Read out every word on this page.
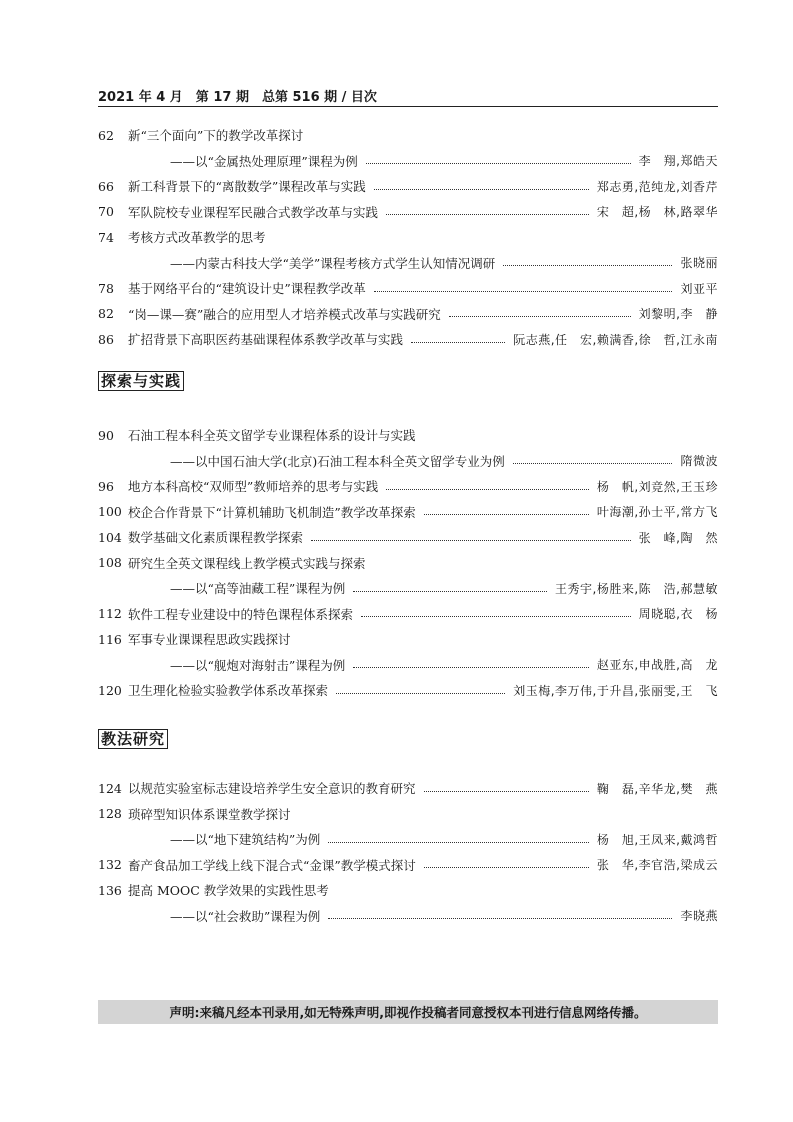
2021 年 4 月　第 17 期　总第 516 期 / 目次
62	新“三个面向”下的教学改革探讨
——以“金属热处理原理”课程为例	李　翔,郑皓天
66	新工科背景下的“离散数学”课程改革与实践	郑志勇,范纯龙,刘香芹
70	军队院校专业课程军民融合式教学改革与实践	宋　超,杨　林,路翠华
74	考核方式改革教学的思考
——内蒙古科技大学“美学”课程考核方式学生认知情况调研	张晓丽
78	基于网络平台的“建筑设计史”课程教学改革	刘亚平
82	“岗—课—赛”融合的应用型人才培养模式改革与实践研究	刘黎明,李　静
86	扩招背景下高职医药基础课程体系教学改革与实践	阮志燕,任　宏,赖满香,徐　哲,江永南
探索与实践
90	石油工程本科全英文留学专业课程体系的设计与实践
——以中国石油大学(北京)石油工程本科全英文留学专业为例	隋微波
96	地方本科高校“双师型”教师培养的思考与实践	杨　帆,刘竞然,王玉珍
100 校企合作背景下“计算机辅助飞机制造”教学改革探索	叶海潮,孙士平,常方飞
104 数学基础文化素质课程教学探索	张　峰,陶　然
108 研究生全英文课程线上教学模式实践与探索
——以“高等油藏工程”课程为例	王秀宇,杨胜来,陈　浩,郝慧敏
112 软件工程专业建设中的特色课程体系探索	周晓聪,衣　杨
116 军事专业课课程思政实践探讨
——以“舰炮对海射击”课程为例	赵亚东,申战胜,高　龙
120 卫生理化检验实验教学体系改革探索	刘玉梅,李万伟,于升昌,张丽雯,王　飞
教法研究
124 以规范实验室标志建设培养学生安全意识的教育研究	鞠　磊,辛华龙,樊　燕
128 琐碎型知识体系课堂教学探讨
——以“地下建筑结构”为例	杨　旭,王凤来,戴鸿哲
132 畜产食品加工学线上线下混合式“金课”教学模式探讨	张　华,李官浩,梁成云
136 提高 MOOC 教学效果的实践性思考
——以“社会救助”课程为例	李晓燕
声明:来稿凡经本刊录用,如无特殊声明,即视作投稿者同意授权本刊进行信息网络传播。
